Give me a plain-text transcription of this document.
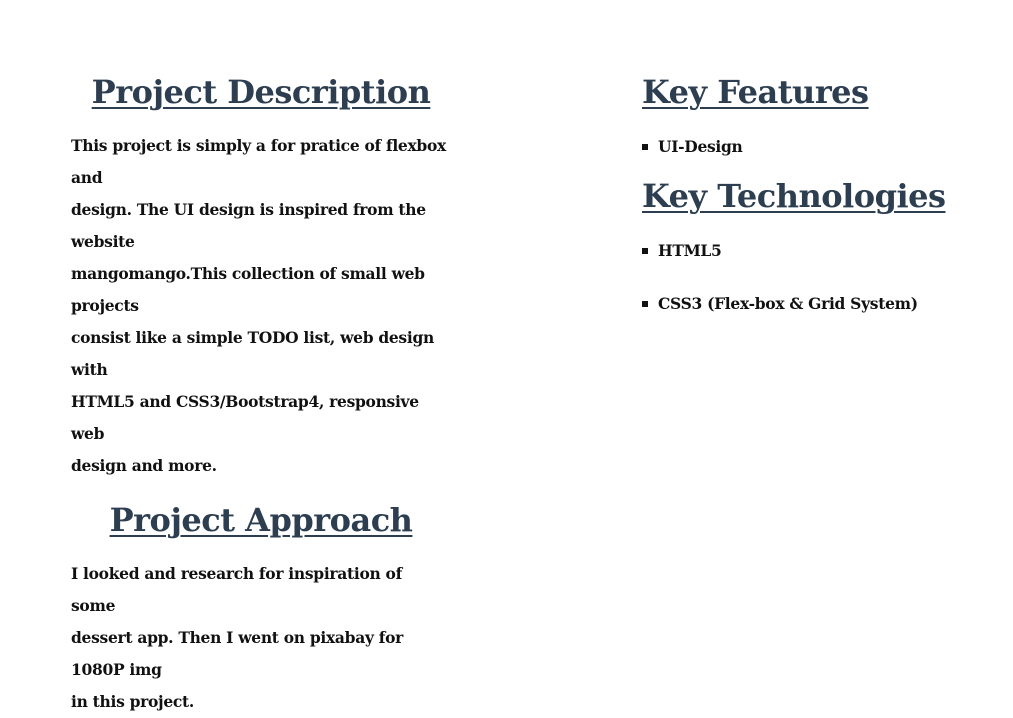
Project Description

This project is simply a for pratice of flexbox and
design. The UI design is inspired from the website
mangomango.This collection of small web projects
consist like a simple TODO list, web design with
HTML5 and CSS3/Bootstrap4, responsive web
design and more.

Project Approach

I looked and research for inspiration of some
dessert app. Then I went on pixabay for 1080P img
in this project.

Key Features
UI-Design
Key Technologies
HTML5
CSS3 (Flex-box & Grid System)
